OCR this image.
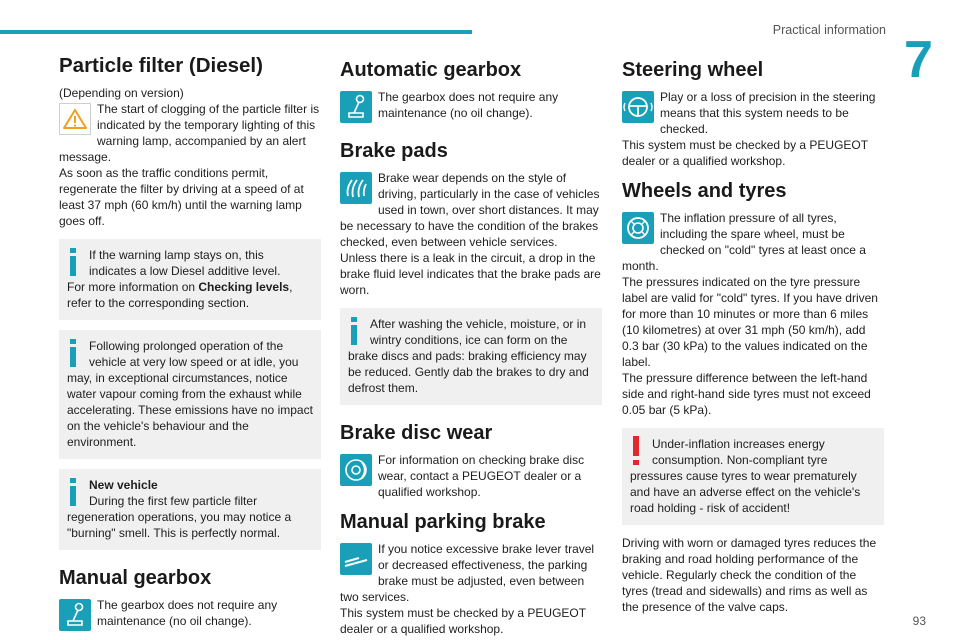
Practical information
7
Particle filter (Diesel)

(Depending on version)

The start of clogging of the particle filter is indicated by the temporary lighting of this warning lamp, accompanied by an alert message.

As soon as the traffic conditions permit, regenerate the filter by driving at a speed of at least 37 mph (60 km/h) until the warning lamp goes off.

If the warning lamp stays on, this indicates a low Diesel additive level.

For more information on Checking levels, refer to the corresponding section.

Following prolonged operation of the vehicle at very low speed or at idle, you may, in exceptional circumstances, notice water vapour coming from the exhaust while accelerating. These emissions have no impact on the vehicle's behaviour and the environment.

New vehicle

During the first few particle filter regeneration operations, you may notice a "burning" smell. This is perfectly normal.

Manual gearbox

The gearbox does not require any maintenance (no oil change).

Automatic gearbox

The gearbox does not require any maintenance (no oil change).

Brake pads

Brake wear depends on the style of driving, particularly in the case of vehicles used in town, over short distances. It may be necessary to have the condition of the brakes checked, even between vehicle services.

Unless there is a leak in the circuit, a drop in the brake fluid level indicates that the brake pads are worn.

After washing the vehicle, moisture, or in wintry conditions, ice can form on the brake discs and pads: braking efficiency may be reduced. Gently dab the brakes to dry and defrost them.

Brake disc wear

For information on checking brake disc wear, contact a PEUGEOT dealer or a qualified workshop.

Manual parking brake

If you notice excessive brake lever travel or decreased effectiveness, the parking brake must be adjusted, even between two services.

This system must be checked by a PEUGEOT dealer or a qualified workshop.

Steering wheel

Play or a loss of precision in the steering means that this system needs to be checked.

This system must be checked by a PEUGEOT dealer or a qualified workshop.

Wheels and tyres

The inflation pressure of all tyres, including the spare wheel, must be checked on "cold" tyres at least once a month.

The pressures indicated on the tyre pressure label are valid for "cold" tyres. If you have driven for more than 10 minutes or more than 6 miles (10 kilometres) at over 31 mph (50 km/h), add 0.3 bar (30 kPa) to the values indicated on the label.

The pressure difference between the left-hand side and right-hand side tyres must not exceed 0.05 bar (5 kPa).

Under-inflation increases energy consumption. Non-compliant tyre pressures cause tyres to wear prematurely and have an adverse effect on the vehicle's road holding - risk of accident!

Driving with worn or damaged tyres reduces the braking and road holding performance of the vehicle. Regularly check the condition of the tyres (tread and sidewalls) and rims as well as the presence of the valve caps.

93
